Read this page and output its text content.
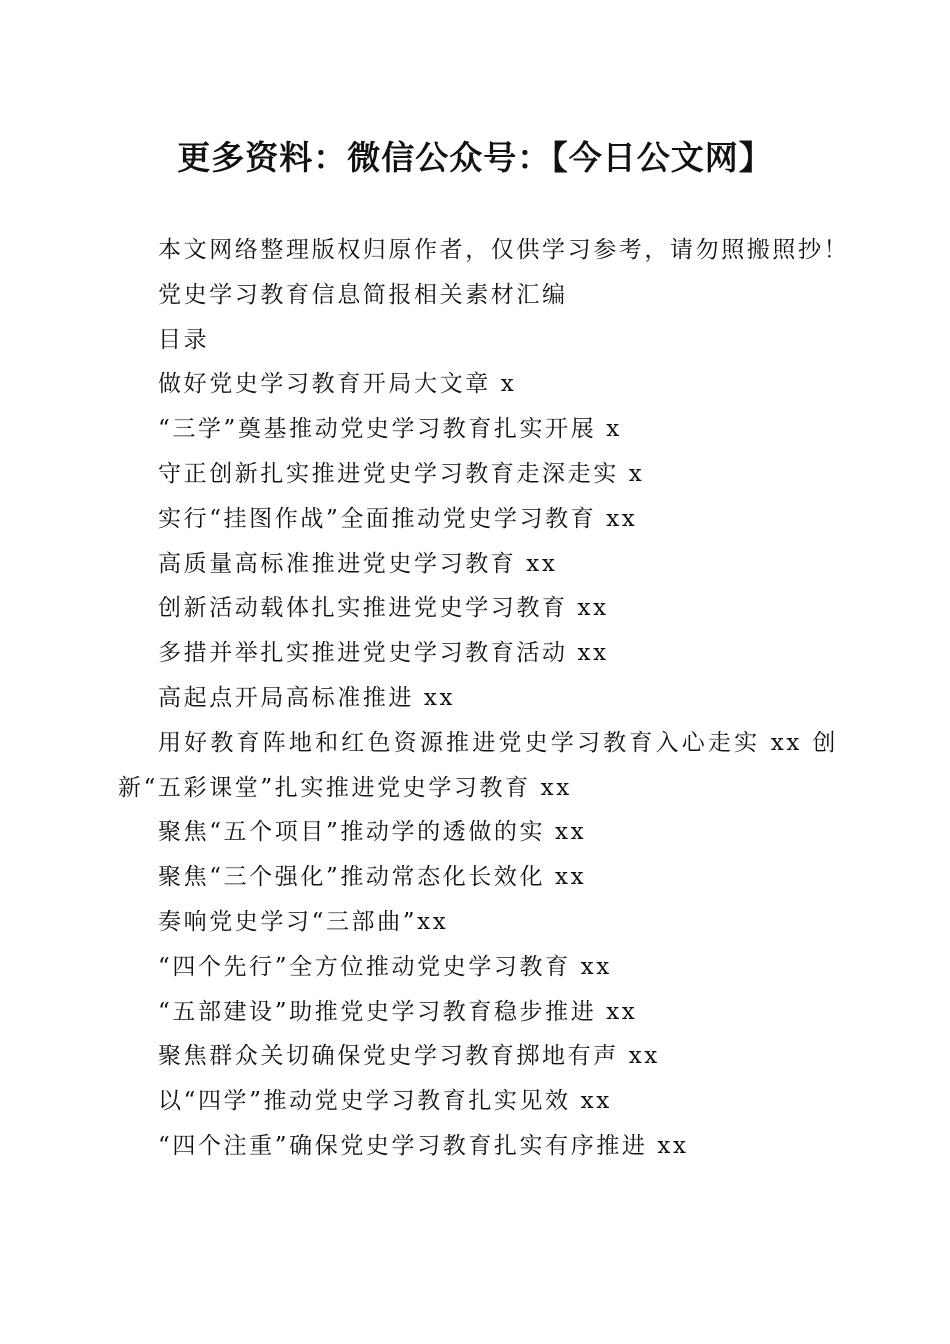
更多资料：微信公众号：【今日公文网】

本文网络整理版权归原作者，仅供学习参考，请勿照搬照抄！

党史学习教育信息简报相关素材汇编

目录

做好党史学习教育开局大文章 x

“三学”奠基推动党史学习教育扎实开展 x

守正创新扎实推进党史学习教育走深走实 x

实行“挂图作战”全面推动党史学习教育 xx

高质量高标准推进党史学习教育 xx

创新活动载体扎实推进党史学习教育 xx

多措并举扎实推进党史学习教育活动 xx

高起点开局高标准推进 xx

用好教育阵地和红色资源推进党史学习教育入心走实 xx 创新“五彩课堂”扎实推进党史学习教育 xx

聚焦“五个项目”推动学的透做的实 xx

聚焦“三个强化”推动常态化长效化 xx

奏响党史学习“三部曲”xx

“四个先行”全方位推动党史学习教育 xx

“五部建设”助推党史学习教育稳步推进 xx

聚焦群众关切确保党史学习教育掷地有声 xx

以“四学”推动党史学习教育扎实见效 xx

“四个注重”确保党史学习教育扎实有序推进 xx
